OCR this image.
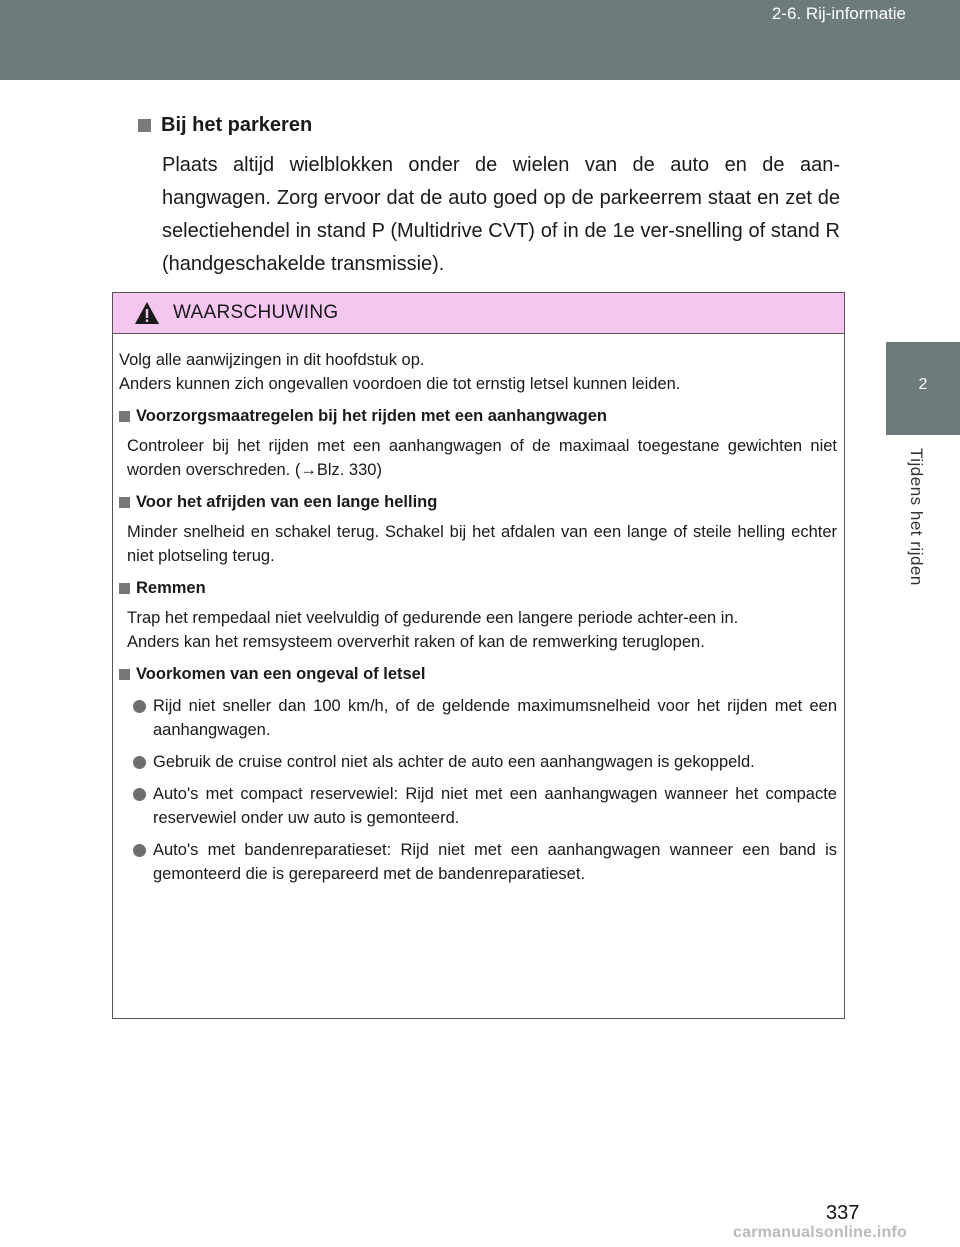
2-6. Rij-informatie
2
Tijdens het rijden
Bij het parkeren
Plaats altijd wielblokken onder de wielen van de auto en de aan-hangwagen. Zorg ervoor dat de auto goed op de parkeerrem staat en zet de selectiehendel in stand P (Multidrive CVT) of in de 1e ver-snelling of stand R (handgeschakelde transmissie).
WAARSCHUWING

Volg alle aanwijzingen in dit hoofdstuk op.

Anders kunnen zich ongevallen voordoen die tot ernstig letsel kunnen leiden.

Voorzorgsmaatregelen bij het rijden met een aanhangwagen
Controleer bij het rijden met een aanhangwagen of de maximaal toegestane gewichten niet worden overschreden. (→Blz. 330)
Voor het afrijden van een lange helling
Minder snelheid en schakel terug. Schakel bij het afdalen van een lange of steile helling echter niet plotseling terug.
Remmen
Trap het rempedaal niet veelvuldig of gedurende een langere periode achter-een in.
Anders kan het remsysteem oververhit raken of kan de remwerking teruglopen.
Voorkomen van een ongeval of letsel
Rijd niet sneller dan 100 km/h, of de geldende maximumsnelheid voor het rijden met een aanhangwagen.
Gebruik de cruise control niet als achter de auto een aanhangwagen is gekoppeld.
Auto's met compact reservewiel: Rijd niet met een aanhangwagen wanneer het compacte reservewiel onder uw auto is gemonteerd.
Auto's met bandenreparatieset: Rijd niet met een aanhangwagen wanneer een band is gemonteerd die is gerepareerd met de bandenreparatieset.
337
carmanualsonline.info
